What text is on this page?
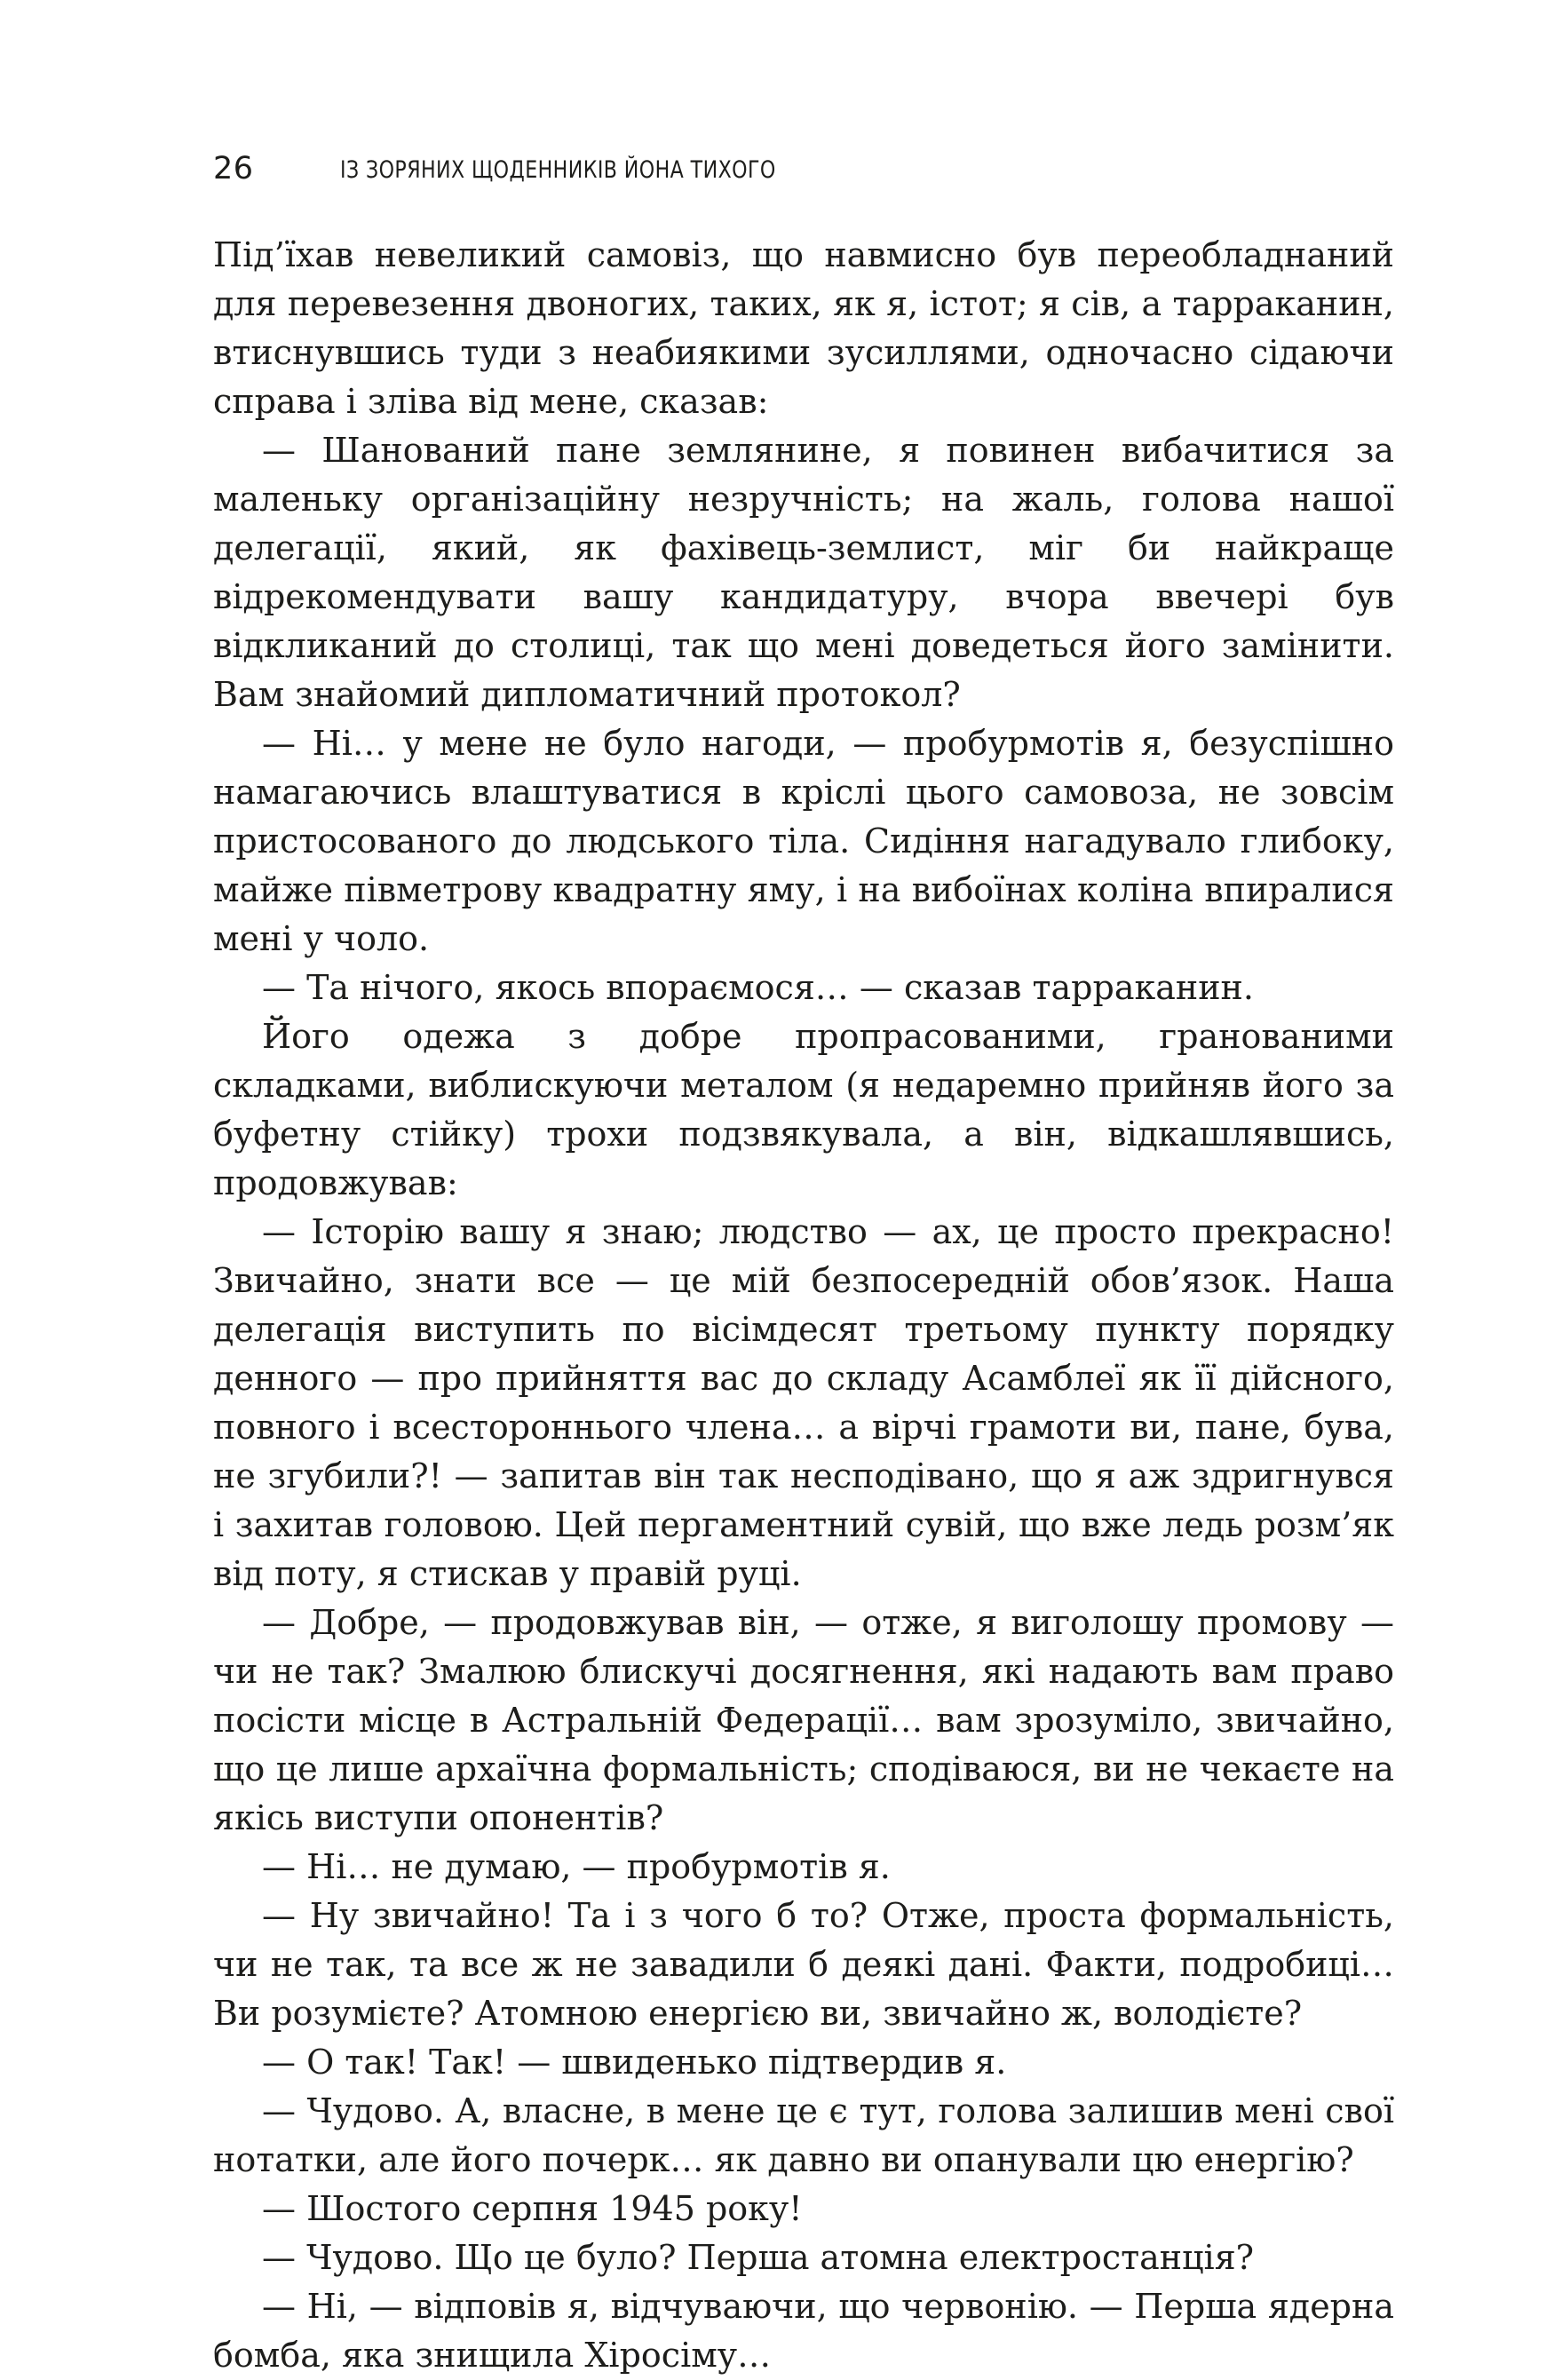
26	ІЗ ЗОРЯНИХ ЩОДЕННИКІВ ЙОНА ТИХОГО

Під’їхав невеликий самовіз, що навмисно був переобладнаний для перевезення двоногих, таких, як я, істот; я сів, а тарраканин, втиснувшись туди з неабиякими зусиллями, одночасно сідаючи справа і зліва від мене, сказав:

— Шанований пане землянине, я повинен вибачитися за маленьку організаційну незручність; на жаль, голова нашої делегації, який, як фахівець-землист, міг би найкраще відрекомендувати вашу кандидатуру, вчора ввечері був відкликаний до столиці, так що мені доведеться його замінити. Вам знайомий дипломатичний протокол?

— Ні… у мене не було нагоди, — пробурмотів я, безуспішно намагаючись влаштуватися в кріслі цього самовоза, не зовсім пристосованого до людського тіла. Сидіння нагадувало глибоку, майже півметрову квадратну яму, і на вибоїнах коліна впиралися мені у чоло.

— Та нічого, якось впораємося… — сказав тарраканин.

Його одежа з добре пропрасованими, гранованими складками, виблискуючи металом (я недаремно прийняв його за буфетну стійку) трохи подзвякувала, а він, відкашлявшись, продовжував:

— Історію вашу я знаю; людство — ах, це просто прекрасно! Звичайно, знати все — це мій безпосередній обов’язок. Наша делегація виступить по вісімдесят третьому пункту порядку денного — про прийняття вас до складу Асамблеї як її дійсного, повного і всестороннього члена… а вірчі грамоти ви, пане, бува, не згубили?! — запитав він так несподівано, що я аж здригнувся і захитав головою. Цей пергаментний сувій, що вже ледь розм’як від поту, я стискав у правій руці.

— Добре, — продовжував він, — отже, я виголошу промову — чи не так? Змалюю блискучі досягнення, які надають вам право посісти місце в Астральній Федерації… вам зрозуміло, звичайно, що це лише архаїчна формальність; сподіваюся, ви не чекаєте на якісь виступи опонентів?

— Ні… не думаю, — пробурмотів я.

— Ну звичайно! Та і з чого б то? Отже, проста формальність, чи не так, та все ж не завадили б деякі дані. Факти, подробиці… Ви розумієте? Атомною енергією ви, звичайно ж, володієте?

— О так! Так! — швиденько підтвердив я.

— Чудово. А, власне, в мене це є тут, голова залишив мені свої нотатки, але його почерк… як давно ви опанували цю енергію?

— Шостого серпня 1945 року!

— Чудово. Що це було? Перша атомна електростанція?

— Ні, — відповів я, відчуваючи, що червонію. — Перша ядерна бомба, яка знищила Хіросіму…
